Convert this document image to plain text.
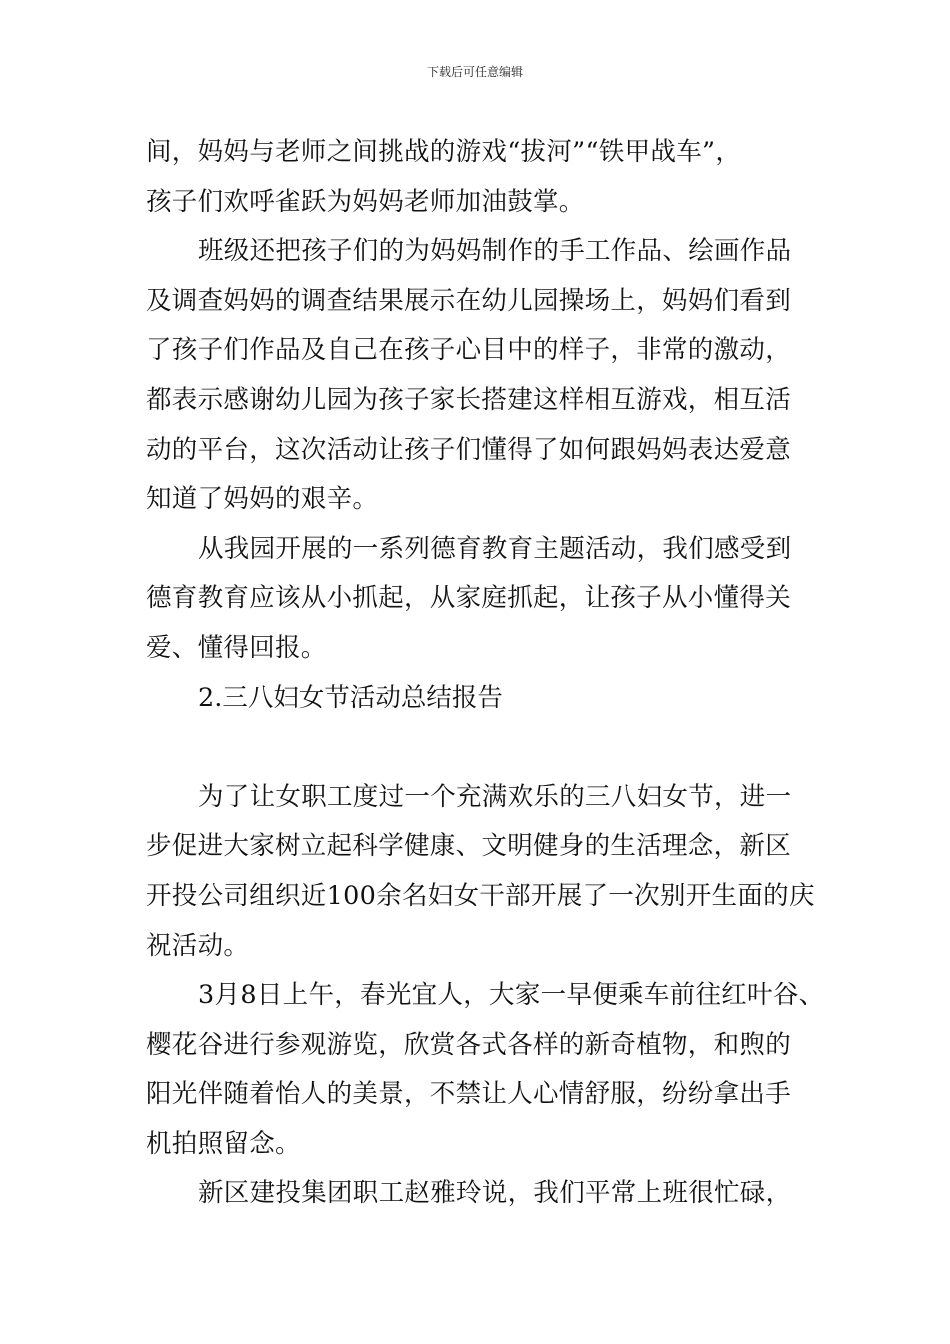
下载后可任意编辑
间，妈妈与老师之间挑战的游戏“拔河”“铁甲战车”，
孩子们欢呼雀跃为妈妈老师加油鼓掌。
班级还把孩子们的为妈妈制作的手工作品、绘画作品
及调查妈妈的调查结果展示在幼儿园操场上，妈妈们看到
了孩子们作品及自己在孩子心目中的样子，非常的激动，
都表示感谢幼儿园为孩子家长搭建这样相互游戏，相互活
动的平台，这次活动让孩子们懂得了如何跟妈妈表达爱意
知道了妈妈的艰辛。
从我园开展的一系列德育教育主题活动，我们感受到
德育教育应该从小抓起，从家庭抓起，让孩子从小懂得关
爱、懂得回报。
2.三八妇女节活动总结报告
为了让女职工度过一个充满欢乐的三八妇女节，进一
步促进大家树立起科学健康、文明健身的生活理念，新区
开投公司组织近100余名妇女干部开展了一次别开生面的庆
祝活动。
3月8日上午，春光宜人，大家一早便乘车前往红叶谷、
樱花谷进行参观游览，欣赏各式各样的新奇植物，和煦的
阳光伴随着怡人的美景，不禁让人心情舒服，纷纷拿出手
机拍照留念。
新区建投集团职工赵雅玲说，我们平常上班很忙碌，
